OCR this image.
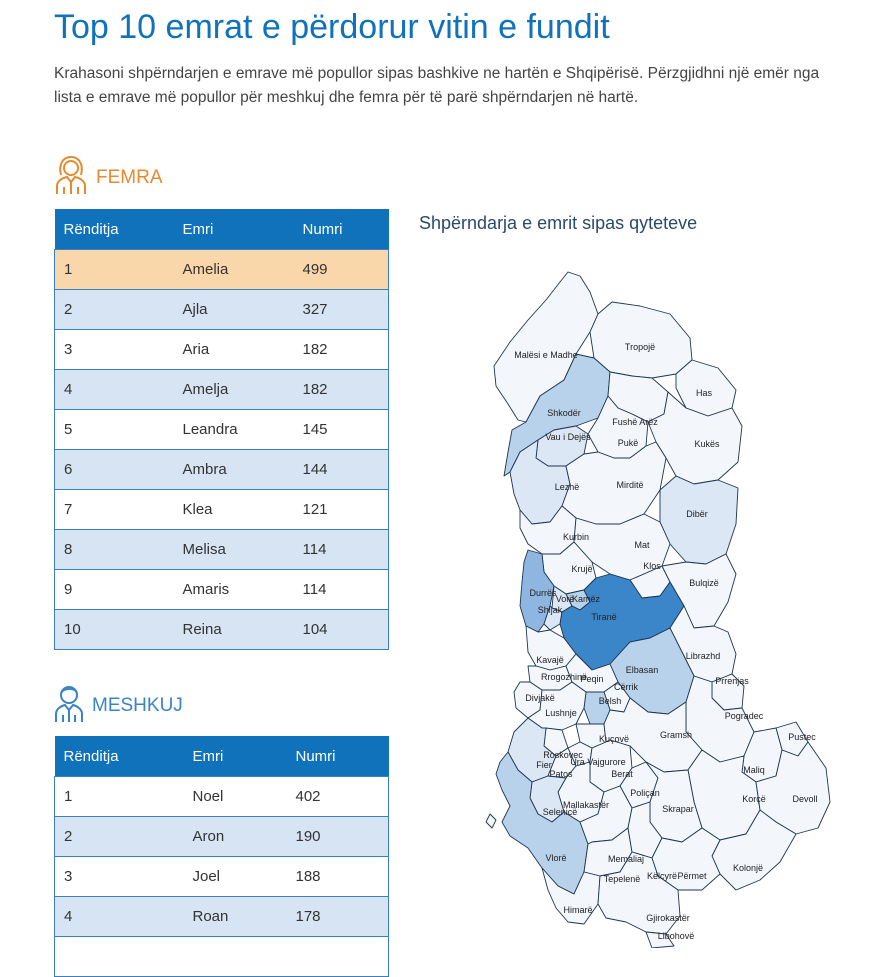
Top 10 emrat e përdorur vitin e fundit

Krahasoni shpërndarjen e emrave më popullor sipas bashkive ne hartën e Shqipërisë. Përzgjidhni një emër nga lista e emrave më popullor për meshkuj dhe femra për të parë shpërndarjen në hartë.

FEMRA
Rënditja	Emri	Numri
1	Amelia	499
2	Ajla	327
3	Aria	182
4	Amelja	182
5	Leandra	145
6	Ambra	144
7	Klea	121
8	Melisa	114
9	Amaris	114
10	Reina	104
MESHKUJ
Rënditja	Emri	Numri
1	Noel	402
2	Aron	190
3	Joel	188
4	Roan	178

Shpërndarja e emrit sipas qyteteve
Malësi e Madhe
Tropojë
Has
Shkodër
Fushë Arëz
Vau i Dejës
Pukë	Kukës
Lezhë	Mirditë
Dibër
Kurbin
Mat
Krujë	Klos
Bulqizë
Durrës
Vorë
Kamëz
Shijak
Tiranë
Librazhd
Kavajë
Elbasan
Rrogozhinë
Peqin	Prrenjas
Cërrik
Divjakë	Belsh
Lushnje	Pogradec
Kuçovë	Gramsh	Pustec
Roskovec
Fier Ura Vajgurore
Patos	Berat	Maliq
Poliçan
Korçë	Devoll
Mallakastër
Selenicë	Skrapar
Vlorë	Memaliaj
Kolonjë
Tepelenë Këlcyrë Përmet
Himarë
Gjirokastër
Libohovë
